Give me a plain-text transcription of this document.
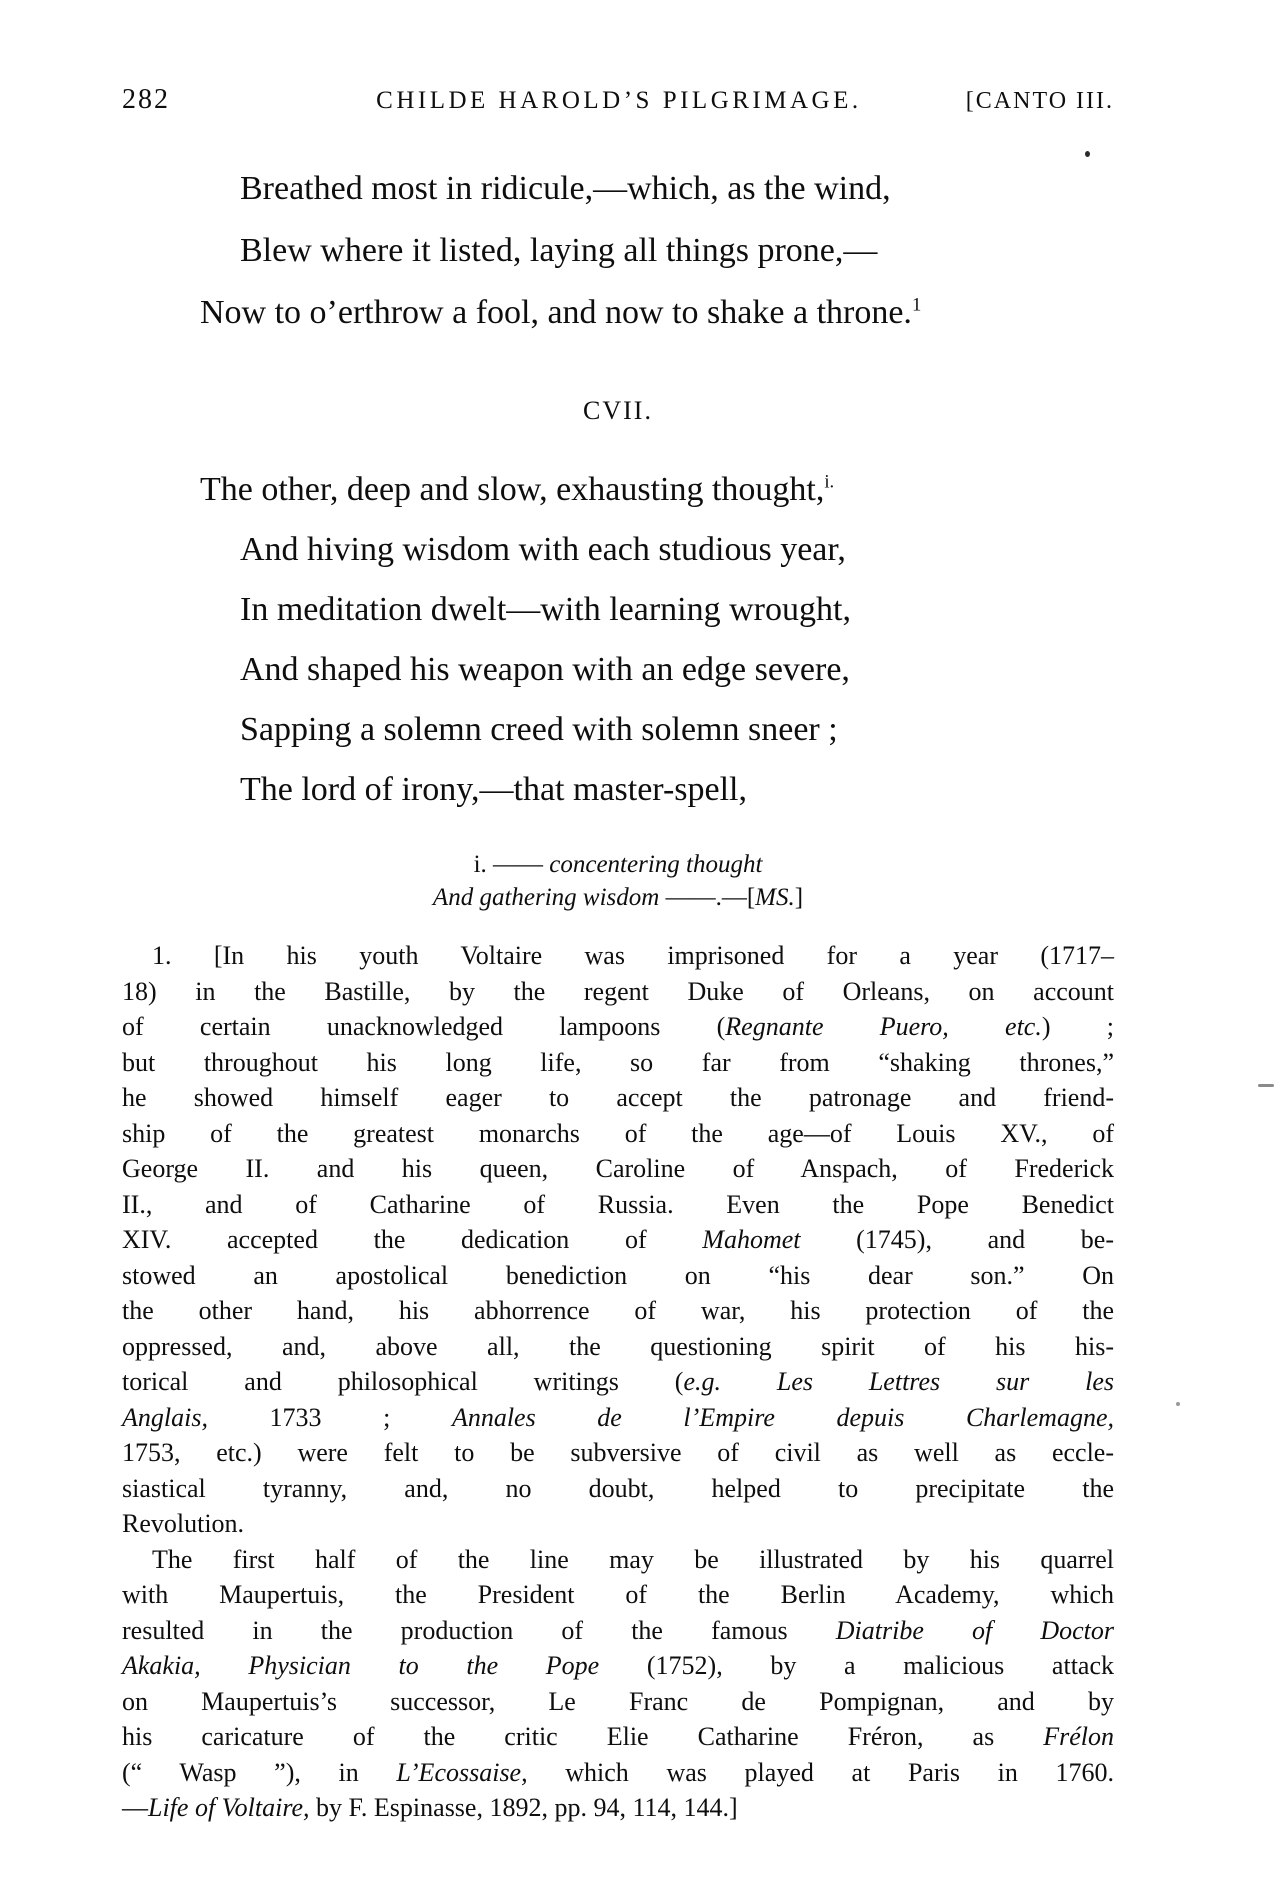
282	CHILDE HAROLD’S PILGRIMAGE.	[CANTO III.
Breathed most in ridicule,—which, as the wind,
Blew where it listed, laying all things prone,—
Now to o’erthrow a fool, and now to shake a throne.$^1$
CVII.
The other, deep and slow, exhausting thought,$^{i.}$
And hiving wisdom with each studious year,
In meditation dwelt—with learning wrought,
And shaped his weapon with an edge severe,
Sapping a solemn creed with solemn sneer ;
The lord of irony,—that master-spell,
i. —— concentering thought
And gathering wisdom ——.—[MS.]
1. [In his youth Voltaire was imprisoned for a year (1717–
18) in the Bastille, by the regent Duke of Orleans, on account
of certain unacknowledged lampoons (Regnante Puero, etc.) ;
but throughout his long life, so far from “shaking thrones,”
he showed himself eager to accept the patronage and friend-
ship of the greatest monarchs of the age—of Louis XV., of
George II. and his queen, Caroline of Anspach, of Frederick
II., and of Catharine of Russia. Even the Pope Benedict
XIV. accepted the dedication of Mahomet (1745), and be-
stowed an apostolical benediction on “his dear son.” On
the other hand, his abhorrence of war, his protection of the
oppressed, and, above all, the questioning spirit of his his-
torical and philosophical writings (e.g. Les Lettres sur les
Anglais, 1733 ; Annales de l’Empire depuis Charlemagne,
1753, etc.) were felt to be subversive of civil as well as eccle-
siastical tyranny, and, no doubt, helped to precipitate the
Revolution.
The first half of the line may be illustrated by his quarrel
with Maupertuis, the President of the Berlin Academy, which
resulted in the production of the famous Diatribe of Doctor
Akakia, Physician to the Pope (1752), by a malicious attack
on Maupertuis’s successor, Le Franc de Pompignan, and by
his caricature of the critic Elie Catharine Fréron, as Frélon
(“ Wasp ”), in L’Ecossaise, which was played at Paris in 1760.
—Life of Voltaire, by F. Espinasse, 1892, pp. 94, 114, 144.]
